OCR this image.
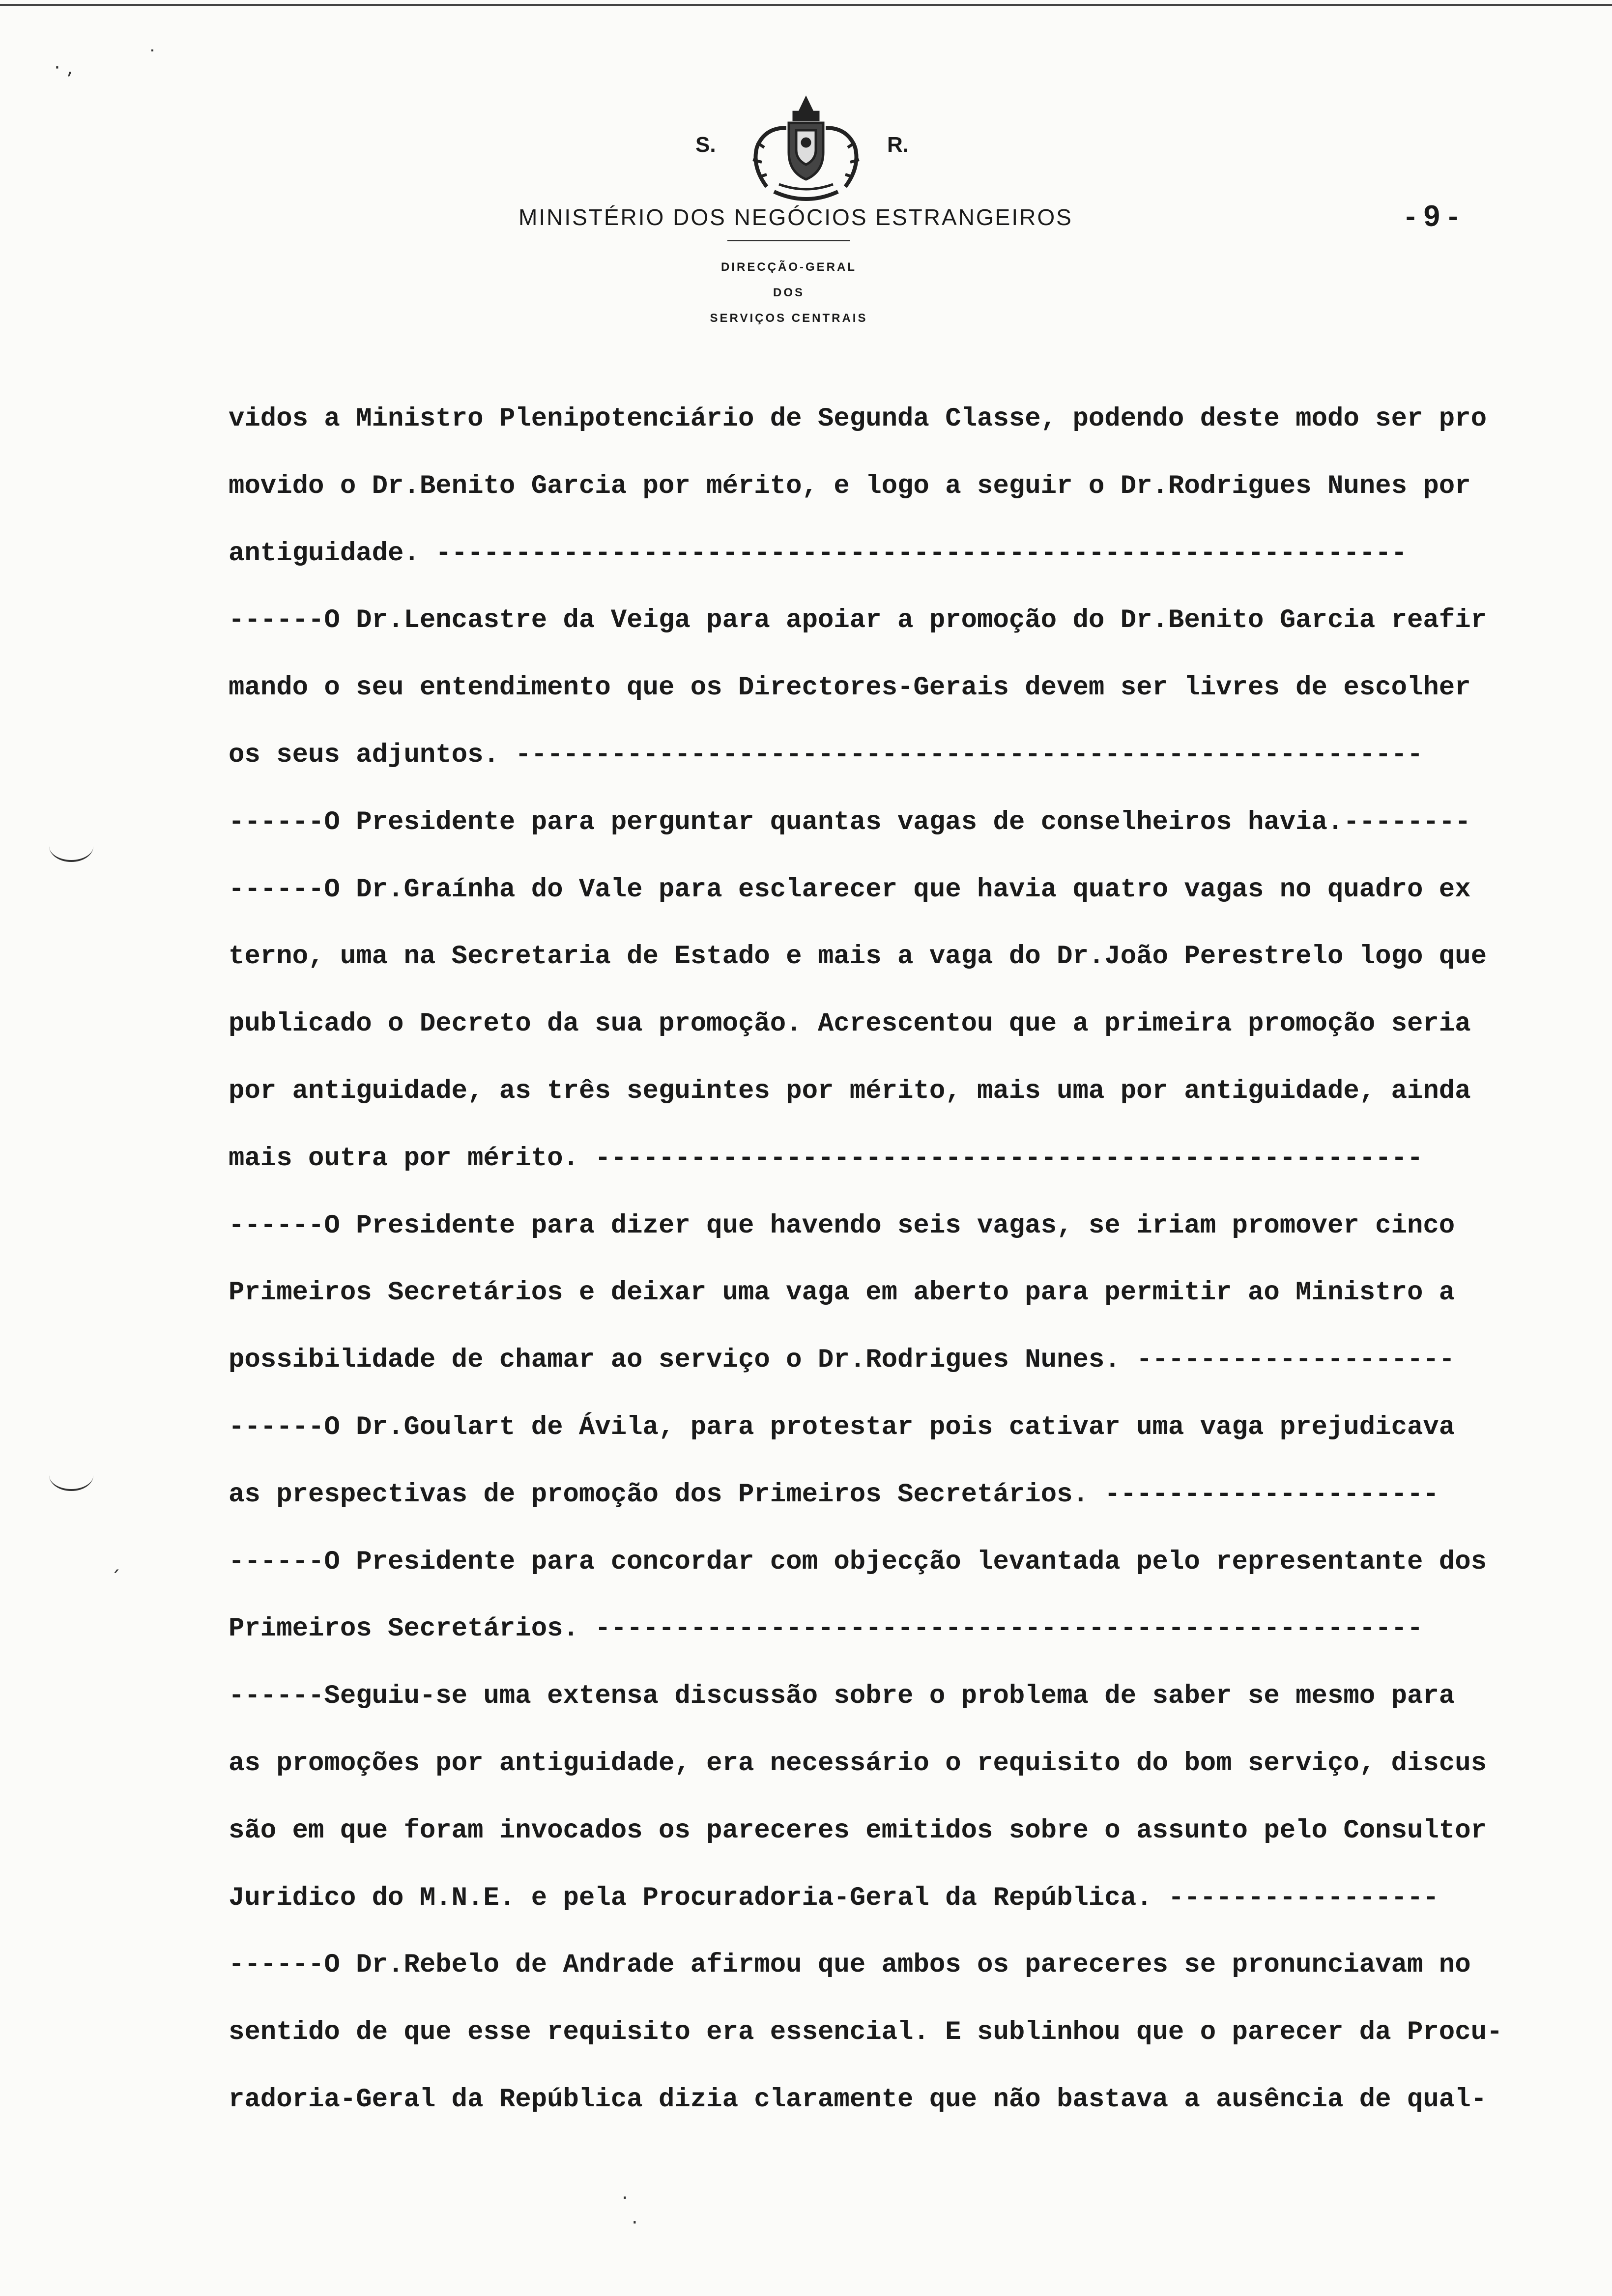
· ,	˙
ˊ
·
·
S.	R.
MINISTÉRIO DOS NEGÓCIOS ESTRANGEIROS	- 9 -
DIRECÇÃO-GERAL
DOS
SERVIÇOS CENTRAIS
vidos a Ministro Plenipotenciário de Segunda Classe, podendo deste modo ser pro
movido o Dr.Benito Garcia por mérito, e logo a seguir o Dr.Rodrigues Nunes por
antiguidade. -------------------------------------------------------------
------O Dr.Lencastre da Veiga para apoiar a promoção do Dr.Benito Garcia reafir
mando o seu entendimento que os Directores-Gerais devem ser livres de escolher
os seus adjuntos. ---------------------------------------------------------
------O Presidente para perguntar quantas vagas de conselheiros havia.--------
------O Dr.Graínha do Vale para esclarecer que havia quatro vagas no quadro ex
terno, uma na Secretaria de Estado e mais a vaga do Dr.João Perestrelo logo que
publicado o Decreto da sua promoção. Acrescentou que a primeira promoção seria
por antiguidade, as três seguintes por mérito, mais uma por antiguidade, ainda
mais outra por mérito. ----------------------------------------------------
------O Presidente para dizer que havendo seis vagas, se iriam promover cinco
Primeiros Secretários e deixar uma vaga em aberto para permitir ao Ministro a
possibilidade de chamar ao serviço o Dr.Rodrigues Nunes. --------------------
------O Dr.Goulart de Ávila, para protestar pois cativar uma vaga prejudicava
as prespectivas de promoção dos Primeiros Secretários. ---------------------
------O Presidente para concordar com objecção levantada pelo representante dos
Primeiros Secretários. ----------------------------------------------------
------Seguiu-se uma extensa discussão sobre o problema de saber se mesmo para
as promoções por antiguidade, era necessário o requisito do bom serviço, discus
são em que foram invocados os pareceres emitidos sobre o assunto pelo Consultor
Juridico do M.N.E. e pela Procuradoria-Geral da República. -----------------
------O Dr.Rebelo de Andrade afirmou que ambos os pareceres se pronunciavam no
sentido de que esse requisito era essencial. E sublinhou que o parecer da Procu-
radoria-Geral da República dizia claramente que não bastava a ausência de qual-
